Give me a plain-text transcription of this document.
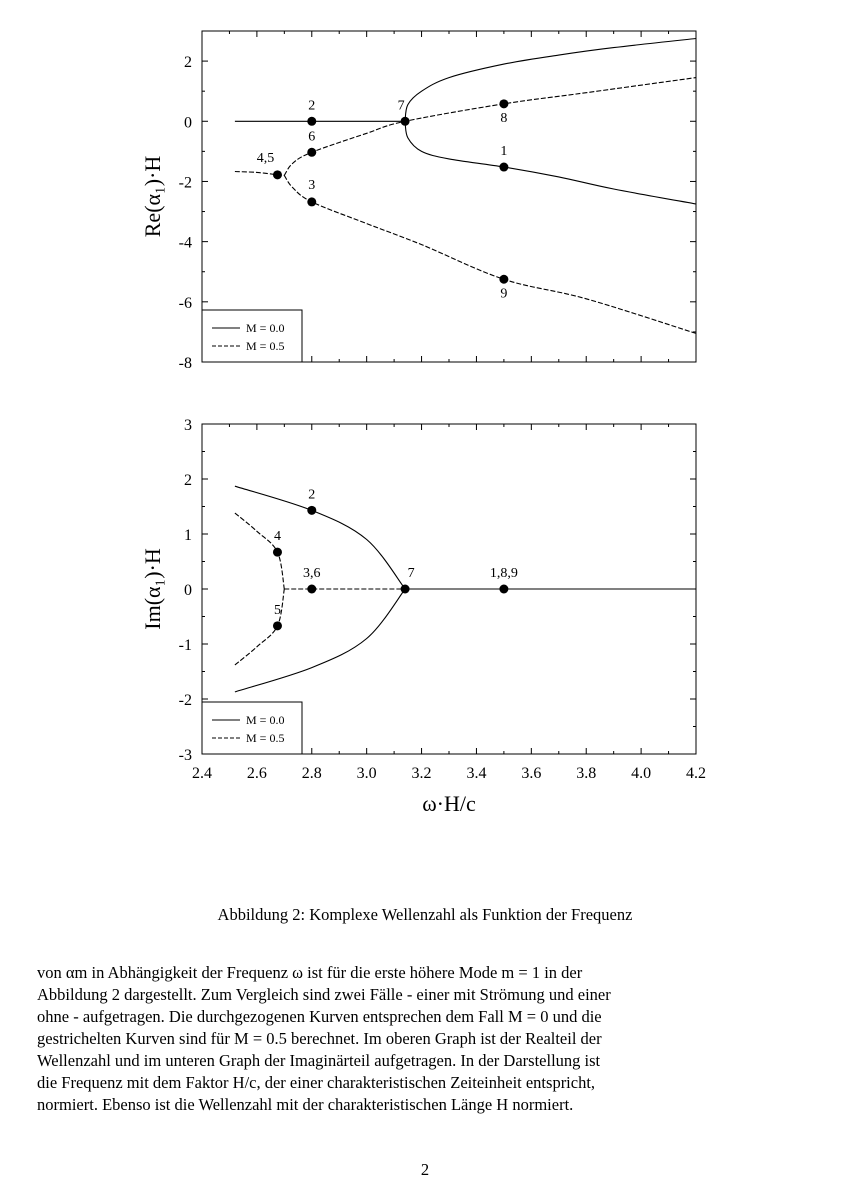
2
0
-2
-4
-6
-8
Re(α₁)·H
2	7
8
6
1
4,5
3
9
M = 0.0
M = 0.5
2.4 2.6 2.8 3.0 3.2 3.4 3.6 3.8 4.0 4.2
3
2
1
0
-1
-2
-3
Im(α₁)·H
ω·H/c
2
4
3,6	7	1,8,9
5
M = 0.0
M = 0.5
Abbildung 2: Komplexe Wellenzahl als Funktion der Frequenz

von αm in Abhängigkeit der Frequenz ω ist für die erste höhere Mode m = 1 in der

Abbildung 2 dargestellt. Zum Vergleich sind zwei Fälle - einer mit Strömung und einer

ohne - aufgetragen. Die durchgezogenen Kurven entsprechen dem Fall M = 0 und die

gestrichelten Kurven sind für M = 0.5 berechnet. Im oberen Graph ist der Realteil der

Wellenzahl und im unteren Graph der Imaginärteil aufgetragen. In der Darstellung ist

die Frequenz mit dem Faktor H/c, der einer charakteristischen Zeiteinheit entspricht,

normiert. Ebenso ist die Wellenzahl mit der charakteristischen Länge H normiert.

2
